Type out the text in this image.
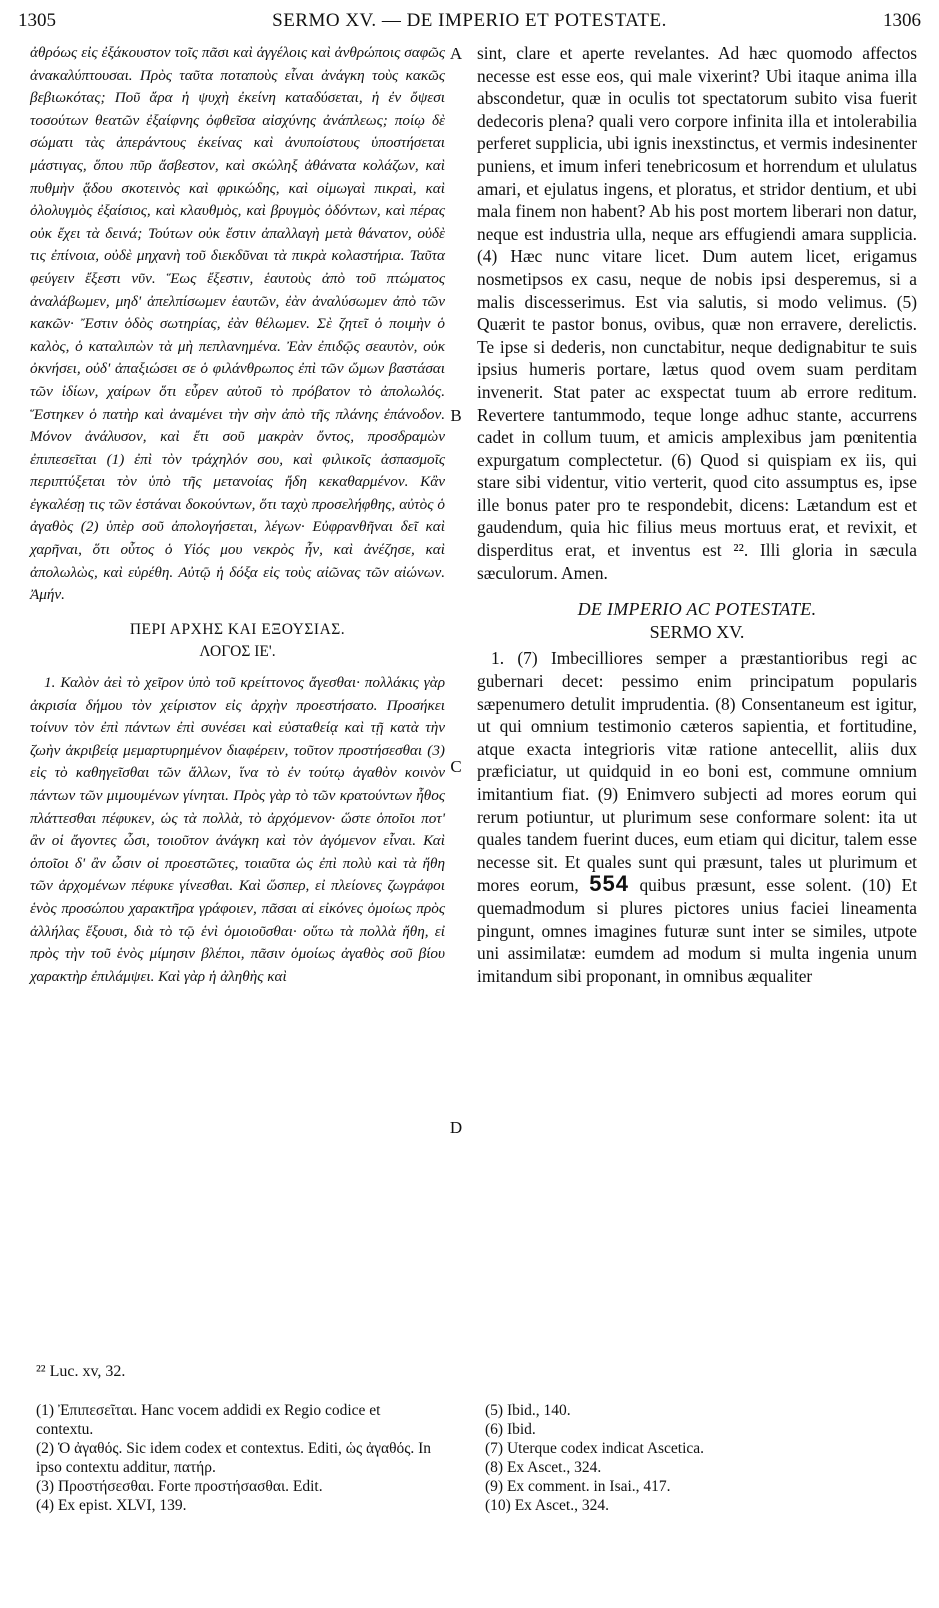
1305	SERMO XV. — DE IMPERIO ET POTESTATE.	1306
A
B
C
D

ἀθρόως εἰς ἐξάκουστον τοῖς πᾶσι καὶ ἀγγέλοις καὶ ἀνθρώποις σαφῶς ἀνακαλύπτουσαι. Πρὸς ταῦτα ποταποὺς εἶναι ἀνάγκη τοὺς κακῶς βεβιωκότας; Ποῦ ἄρα ἡ ψυχὴ ἐκείνη καταδύσεται, ἡ ἐν ὄψεσι τοσούτων θεατῶν ἐξαίφνης ὀφθεῖσα αἰσχύνης ἀνάπλεως; ποίῳ δὲ σώματι τὰς ἀπεράντους ἐκείνας καὶ ἀνυποίστους ὑποστήσεται μάστιγας, ὅπου πῦρ ἄσβεστον, καὶ σκώληξ ἀθάνατα κολάζων, καὶ πυθμὴν ᾅδου σκοτεινὸς καὶ φρικώδης, καὶ οἰμωγαὶ πικραὶ, καὶ ὀλολυγμὸς ἐξαίσιος, καὶ κλαυθμὸς, καὶ βρυγμὸς ὀδόντων, καὶ πέρας οὐκ ἔχει τὰ δεινά; Τούτων οὐκ ἔστιν ἀπαλλαγὴ μετὰ θάνατον, οὐδὲ τις ἐπίνοια, οὐδὲ μηχανὴ τοῦ διεκδῦναι τὰ πικρὰ κολαστήρια. Ταῦτα φεύγειν ἔξεστι νῦν. Ἕως ἔξεστιν, ἑαυτοὺς ἀπὸ τοῦ πτώματος ἀναλάβωμεν, μηδ' ἀπελπίσωμεν ἑαυτῶν, ἐὰν ἀναλύσωμεν ἀπὸ τῶν κακῶν· Ἔστιν ὁδὸς σωτηρίας, ἐὰν θέλωμεν. Σὲ ζητεῖ ὁ ποιμὴν ὁ καλὸς, ὁ καταλιπὼν τὰ μὴ πεπλανημένα. Ἐὰν ἐπιδῷς σεαυτὸν, οὐκ ὀκνήσει, οὐδ' ἀπαξιώσει σε ὁ φιλάνθρωπος ἐπὶ τῶν ὤμων βαστάσαι τῶν ἰδίων, χαίρων ὅτι εὗρεν αὐτοῦ τὸ πρόβατον τὸ ἀπολωλός. Ἕστηκεν ὁ πατὴρ καὶ ἀναμένει τὴν σὴν ἀπὸ τῆς πλάνης ἐπάνοδον. Μόνον ἀνάλυσον, καὶ ἔτι σοῦ μακρὰν ὄντος, προσδραμὼν ἐπιπεσεῖται (1) ἐπὶ τὸν τράχηλόν σου, καὶ φιλικοῖς ἀσπασμοῖς περιπτύξεται τὸν ὑπὸ τῆς μετανοίας ἤδη κεκαθαρμένον. Κἂν ἐγκαλέσῃ τις τῶν ἑστάναι δοκούντων, ὅτι ταχὺ προσελήφθης, αὐτὸς ὁ ἀγαθὸς (2) ὑπὲρ σοῦ ἀπολογήσεται, λέγων· Εὐφρανθῆναι δεῖ καὶ χαρῆναι, ὅτι οὗτος ὁ Υἱός μου νεκρὸς ἦν, καὶ ἀνέζησε, καὶ ἀπολωλὼς, καὶ εὑρέθη. Αὐτῷ ἡ δόξα εἰς τοὺς αἰῶνας τῶν αἰώνων. Ἀμήν.

ΠΕΡΙ ΑΡΧΗΣ ΚΑΙ ΕΞΟΥΣΙΑΣ.

ΛΟΓΟΣ ΙΕ'.

1. Καλὸν ἀεὶ τὸ χεῖρον ὑπὸ τοῦ κρείττονος ἄγεσθαι· πολλάκις γὰρ ἀκρισία δήμου τὸν χείριστον εἰς ἀρχὴν προεστήσατο. Προσήκει τοίνυν τὸν ἐπὶ πάντων ἐπὶ συνέσει καὶ εὐσταθείᾳ καὶ τῇ κατὰ τὴν ζωὴν ἀκριβείᾳ μεμαρτυρημένον διαφέρειν, τοῦτον προστήσεσθαι (3) εἰς τὸ καθηγεῖσθαι τῶν ἄλλων, ἵνα τὸ ἐν τούτῳ ἀγαθὸν κοινὸν πάντων τῶν μιμουμένων γίνηται. Πρὸς γὰρ τὸ τῶν κρατούντων ἦθος πλάττεσθαι πέφυκεν, ὡς τὰ πολλὰ, τὸ ἀρχόμενον· ὥστε ὁποῖοι ποτ' ἂν οἱ ἄγοντες ὦσι, τοιοῦτον ἀνάγκη καὶ τὸν ἀγόμενον εἶναι. Καὶ ὁποῖοι δ' ἂν ὦσιν οἱ προεστῶτες, τοιαῦτα ὡς ἐπὶ πολὺ καὶ τὰ ἤθη τῶν ἀρχομένων πέφυκε γίνεσθαι. Καὶ ὥσπερ, εἰ πλείονες ζωγράφοι ἑνὸς προσώπου χαρακτῆρα γράφοιεν, πᾶσαι αἱ εἰκόνες ὁμοίως πρὸς ἀλλήλας ἕξουσι, διὰ τὸ τῷ ἑνὶ ὁμοιοῦσθαι· οὕτω τὰ πολλὰ ἤθη, εἰ πρὸς τὴν τοῦ ἑνὸς μίμησιν βλέποι, πᾶσιν ὁμοίως ἀγαθὸς σοῦ βίου χαρακτὴρ ἐπιλάμψει. Καὶ γὰρ ἡ ἀληθὴς καὶ

sint, clare et aperte revelantes. Ad hæc quomodo affectos necesse est esse eos, qui male vixerint? Ubi itaque anima illa abscondetur, quæ in oculis tot spectatorum subito visa fuerit dedecoris plena? quali vero corpore infinita illa et intolerabilia perferet supplicia, ubi ignis inexstinctus, et vermis indesinenter puniens, et imum inferi tenebricosum et horrendum et ululatus amari, et ejulatus ingens, et ploratus, et stridor dentium, et ubi mala finem non habent? Ab his post mortem liberari non datur, neque est industria ulla, neque ars effugiendi amara supplicia. (4) Hæc nunc vitare licet. Dum autem licet, erigamus nosmetipsos ex casu, neque de nobis ipsi desperemus, si a malis discesserimus. Est via salutis, si modo velimus. (5) Quærit te pastor bonus, ovibus, quæ non erravere, derelictis. Te ipse si dederis, non cunctabitur, neque dedignabitur te suis ipsius humeris portare, lætus quod ovem suam perditam invenerit. Stat pater ac exspectat tuum ab errore reditum. Revertere tantummodo, teque longe adhuc stante, accurrens cadet in collum tuum, et amicis amplexibus jam pœnitentia expurgatum complectetur. (6) Quod si quispiam ex iis, qui stare sibi videntur, vitio verterit, quod cito assumptus es, ipse ille bonus pater pro te respondebit, dicens: Lætandum est et gaudendum, quia hic filius meus mortuus erat, et revixit, et disperditus erat, et inventus est ²². Illi gloria in sæcula sæculorum. Amen.

DE IMPERIO AC POTESTATE.

SERMO XV.

1. (7) Imbecilliores semper a præstantioribus regi ac gubernari decet: pessimo enim principatum popularis sæpenumero detulit imprudentia. (8) Consentaneum est igitur, ut qui omnium testimonio cæteros sapientia, et fortitudine, atque exacta integrioris vitæ ratione antecellit, aliis dux præficiatur, ut quidquid in eo boni est, commune omnium imitantium fiat. (9) Enimvero subjecti ad mores eorum qui rerum potiuntur, ut plurimum sese conformare solent: ita ut quales tandem fuerint duces, eum etiam qui dicitur, talem esse necesse sit. Et quales sunt qui præsunt, tales ut plurimum et mores eorum, 554 quibus præsunt, esse solent. (10) Et quemadmodum si plures pictores unius faciei lineamenta pingunt, omnes imagines futuræ sunt inter se similes, utpote uni assimilatæ: eumdem ad modum si multa ingenia unum imitandum sibi proponant, in omnibus æqualiter

²² Luc. xv, 32.

(1) Ἐπιπεσεῖται. Hanc vocem addidi ex Regio codice et contextu.

(2) Ὁ ἀγαθός. Sic idem codex et contextus. Editi, ὡς ἀγαθός. In ipso contextu additur, πατήρ.

(3) Προστήσεσθαι. Forte προστήσασθαι. Edit.

(4) Ex epist. XLVI, 139.

(5) Ibid., 140.

(6) Ibid.

(7) Uterque codex indicat Ascetica.

(8) Ex Ascet., 324.

(9) Ex comment. in Isai., 417.

(10) Ex Ascet., 324.
